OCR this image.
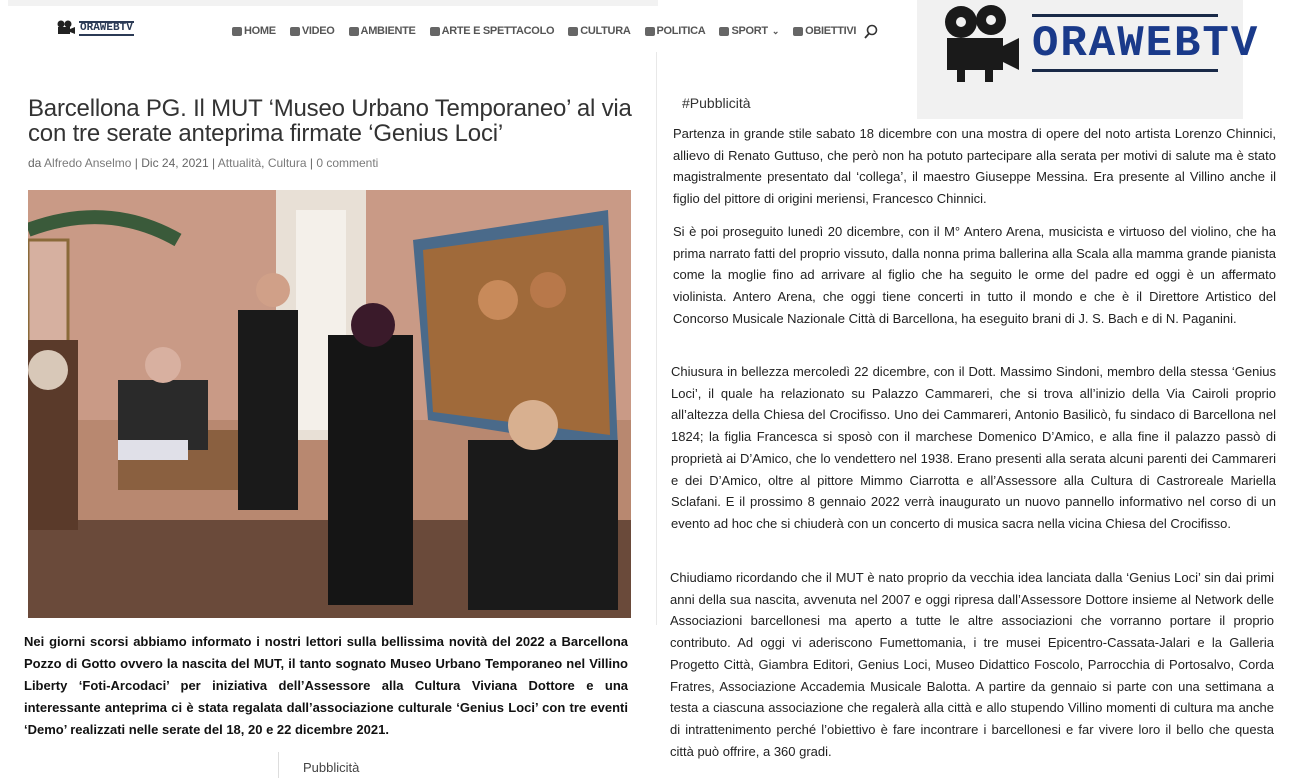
ORAWEBTV	HOME VIDEO AMBIENTE ARTE E SPETTACOLO CULTURA POLITICA SPORT ⌄ OBIETTIVI
Barcellona PG. Il MUT ‘Museo Urbano Temporaneo’ al via con tre serate anteprima firmate ‘Genius Loci’
da Alfredo Anselmo | Dic 24, 2021 | Attualità, Cultura | 0 commenti

Nei giorni scorsi abbiamo informato i nostri lettori sulla bellissima novità del 2022 a Barcellona Pozzo di Gotto ovvero la nascita del MUT, il tanto sognato Museo Urbano Temporaneo nel Villino Liberty ‘Foti-Arcodaci’ per iniziativa dell’Assessore alla Cultura Viviana Dottore e una interessante anteprima ci è stata regalata dall’associazione culturale ‘Genius Loci’ con tre eventi ‘Demo’ realizzati nelle serate del 18, 20 e 22 dicembre 2021.

Pubblicità
#Pubblicità

Partenza in grande stile sabato 18 dicembre con una mostra di opere del noto artista Lorenzo Chinnici, allievo di Renato Guttuso, che però non ha potuto partecipare alla serata per motivi di salute ma è stato magistralmente presentato dal ‘collega’, il maestro Giuseppe Messina. Era presente al Villino anche il figlio del pittore di origini meriensi, Francesco Chinnici.

Si è poi proseguito lunedì 20 dicembre, con il M° Antero Arena, musicista e virtuoso del violino, che ha prima narrato fatti del proprio vissuto, dalla nonna prima ballerina alla Scala alla mamma grande pianista come la moglie fino ad arrivare al figlio che ha seguito le orme del padre ed oggi è un affermato violinista. Antero Arena, che oggi tiene concerti in tutto il mondo e che è il Direttore Artistico del Concorso Musicale Nazionale Città di Barcellona, ha eseguito brani di J. S. Bach e di N. Paganini.

Chiusura in bellezza mercoledì 22 dicembre, con il Dott. Massimo Sindoni, membro della stessa ‘Genius Loci’, il quale ha relazionato su Palazzo Cammareri, che si trova all’inizio della Via Cairoli proprio all’altezza della Chiesa del Crocifisso. Uno dei Cammareri, Antonio Basilicò, fu sindaco di Barcellona nel 1824; la figlia Francesca si sposò con il marchese Domenico D’Amico, e alla fine il palazzo passò di proprietà ai D’Amico, che lo vendettero nel 1938. Erano presenti alla serata alcuni parenti dei Cammareri e dei D’Amico, oltre al pittore Mimmo Ciarrotta e all’Assessore alla Cultura di Castroreale Mariella Sclafani. E il prossimo 8 gennaio 2022 verrà inaugurato un nuovo pannello informativo nel corso di un evento ad hoc che si chiuderà con un concerto di musica sacra nella vicina Chiesa del Crocifisso.

Chiudiamo ricordando che il MUT è nato proprio da vecchia idea lanciata dalla ‘Genius Loci’ sin dai primi anni della sua nascita, avvenuta nel 2007 e oggi ripresa dall’Assessore Dottore insieme al Network delle Associazioni barcellonesi ma aperto a tutte le altre associazioni che vorranno portare il proprio contributo. Ad oggi vi aderiscono Fumettomania, i tre musei Epicentro-Cassata-Jalari e la Galleria Progetto Città, Giambra Editori, Genius Loci, Museo Didattico Foscolo, Parrocchia di Portosalvo, Corda Fratres, Associazione Accademia Musicale Balotta. A partire da gennaio si parte con una settimana a testa a ciascuna associazione che regalerà alla città e allo stupendo Villino momenti di cultura ma anche di intrattenimento perché l’obiettivo è fare incontrare i barcellonesi e far vivere loro il bello che questa città può offrire, a 360 gradi.

ORAWEBTV
